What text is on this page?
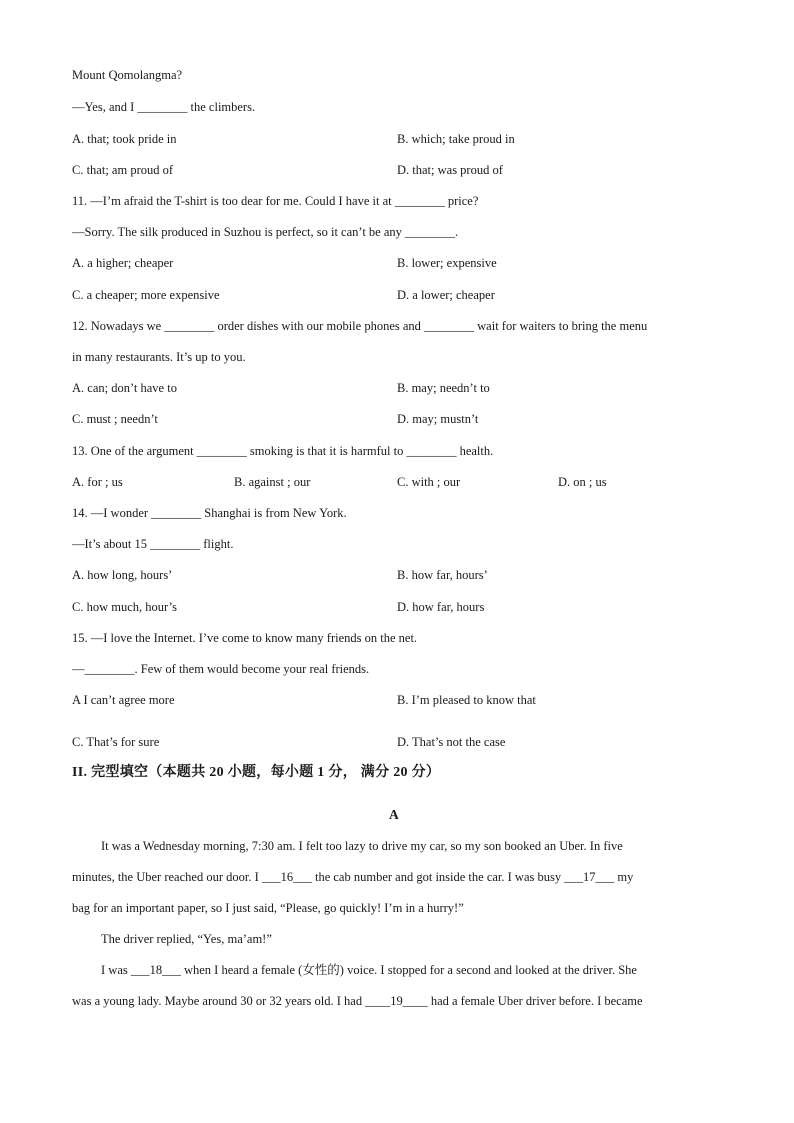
Mount Qomolangma?
—Yes, and I ________ the climbers.
A. that; took pride in	B. which; take proud in
C. that; am proud of	D. that; was proud of
11. —I’m afraid the T-shirt is too dear for me. Could I have it at ________ price?
—Sorry. The silk produced in Suzhou is perfect, so it can’t be any ________.
A. a higher; cheaper	B. lower; expensive
C. a cheaper; more expensive	D. a lower; cheaper
12. Nowadays we ________ order dishes with our mobile phones and ________ wait for waiters to bring the menu
in many restaurants. It’s up to you.
A. can; don’t have to	B. may; needn’t to
C. must ; needn’t	D. may; mustn’t
13. One of the argument ________ smoking is that it is harmful to ________ health.
A. for ; us	B. against ; our	C. with ; our	D. on ; us
14. —I wonder ________ Shanghai is from New York.
—It’s about 15 ________ flight.
A. how long, hours’	B. how far, hours’
C. how much, hour’s	D. how far, hours
15. —I love the Internet. I’ve come to know many friends on the net.
—________. Few of them would become your real friends.
A I can’t agree more	B. I’m pleased to know that
C. That’s for sure	D. That’s not the case
II. 完型填空（本题共 20 小题，每小题 1 分， 满分 20 分）
A
It was a Wednesday morning, 7:30 am. I felt too lazy to drive my car, so my son booked an Uber. In five
minutes, the Uber reached our door. I ___16___ the cab number and got inside the car. I was busy ___17___ my
bag for an important paper, so I just said, “Please, go quickly! I’m in a hurry!”
The driver replied, “Yes, ma’am!”
I was ___18___ when I heard a female (女性的) voice. I stopped for a second and looked at the driver. She
was a young lady. Maybe around 30 or 32 years old. I had ____19____ had a female Uber driver before. I became
